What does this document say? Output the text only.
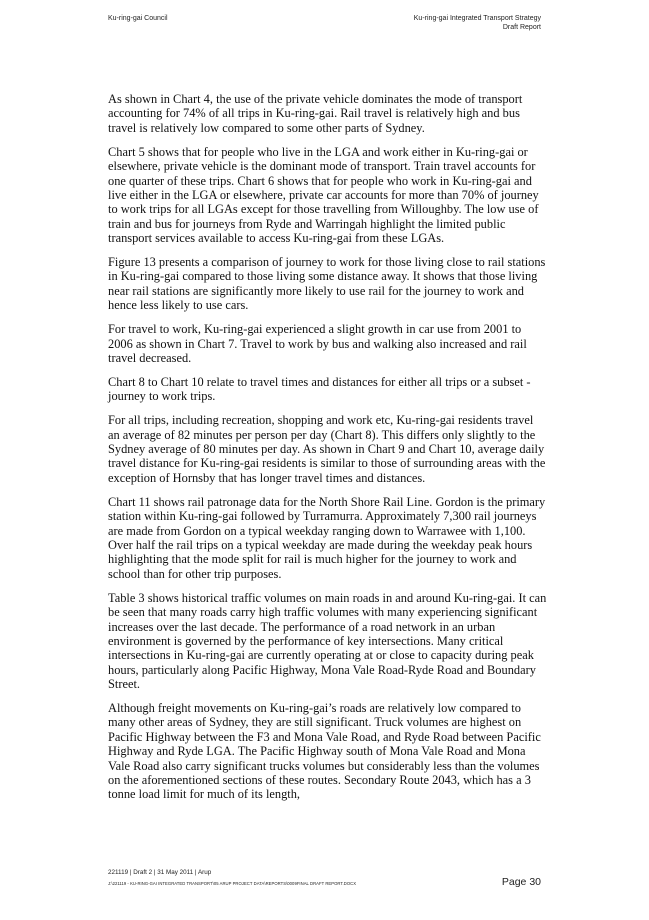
Ku-ring-gai Council	Ku-ring-gai Integrated Transport Strategy
Draft Report

As shown in Chart 4, the use of the private vehicle dominates the mode of transport accounting for 74% of all trips in Ku-ring-gai. Rail travel is relatively high and bus travel is relatively low compared to some other parts of Sydney.

Chart 5 shows that for people who live in the LGA and work either in Ku-ring-gai or elsewhere, private vehicle is the dominant mode of transport. Train travel accounts for one quarter of these trips. Chart 6 shows that for people who work in Ku-ring-gai and live either in the LGA or elsewhere, private car accounts for more than 70% of journey to work trips for all LGAs except for those travelling from Willoughby. The low use of train and bus for journeys from Ryde and Warringah highlight the limited public transport services available to access Ku-ring-gai from these LGAs.

Figure 13 presents a comparison of journey to work for those living close to rail stations in Ku-ring-gai compared to those living some distance away. It shows that those living near rail stations are significantly more likely to use rail for the journey to work and hence less likely to use cars.

For travel to work, Ku-ring-gai experienced a slight growth in car use from 2001 to 2006 as shown in Chart 7. Travel to work by bus and walking also increased and rail travel decreased.

Chart 8 to Chart 10 relate to travel times and distances for either all trips or a subset - journey to work trips.

For all trips, including recreation, shopping and work etc, Ku-ring-gai residents travel an average of 82 minutes per person per day (Chart 8). This differs only slightly to the Sydney average of 80 minutes per day. As shown in Chart 9 and Chart 10, average daily travel distance for Ku-ring-gai residents is similar to those of surrounding areas with the exception of Hornsby that has longer travel times and distances.

Chart 11 shows rail patronage data for the North Shore Rail Line. Gordon is the primary station within Ku-ring-gai followed by Turramurra. Approximately 7,300 rail journeys are made from Gordon on a typical weekday ranging down to Warrawee with 1,100. Over half the rail trips on a typical weekday are made during the weekday peak hours highlighting that the mode split for rail is much higher for the journey to work and school than for other trip purposes.

Table 3 shows historical traffic volumes on main roads in and around Ku-ring-gai. It can be seen that many roads carry high traffic volumes with many experiencing significant increases over the last decade. The performance of a road network in an urban environment is governed by the performance of key intersections. Many critical intersections in Ku-ring-gai are currently operating at or close to capacity during peak hours, particularly along Pacific Highway, Mona Vale Road-Ryde Road and Boundary Street.

Although freight movements on Ku-ring-gai’s roads are relatively low compared to many other areas of Sydney, they are still significant. Truck volumes are highest on Pacific Highway between the F3 and Mona Vale Road, and Ryde Road between Pacific Highway and Ryde LGA. The Pacific Highway south of Mona Vale Road and Mona Vale Road also carry significant trucks volumes but considerably less than the volumes on the aforementioned sections of these routes. Secondary Route 2043, which has a 3 tonne load limit for much of its length,

221119 | Draft 2 | 31 May 2011 | Arup
J:\221119 - KU-RING-GAI INTEGRATED TRANSPORT\05 ARUP PROJECT DATA\REPORTS\0009FINAL DRAFT REPORT.DOCX	Page 30
